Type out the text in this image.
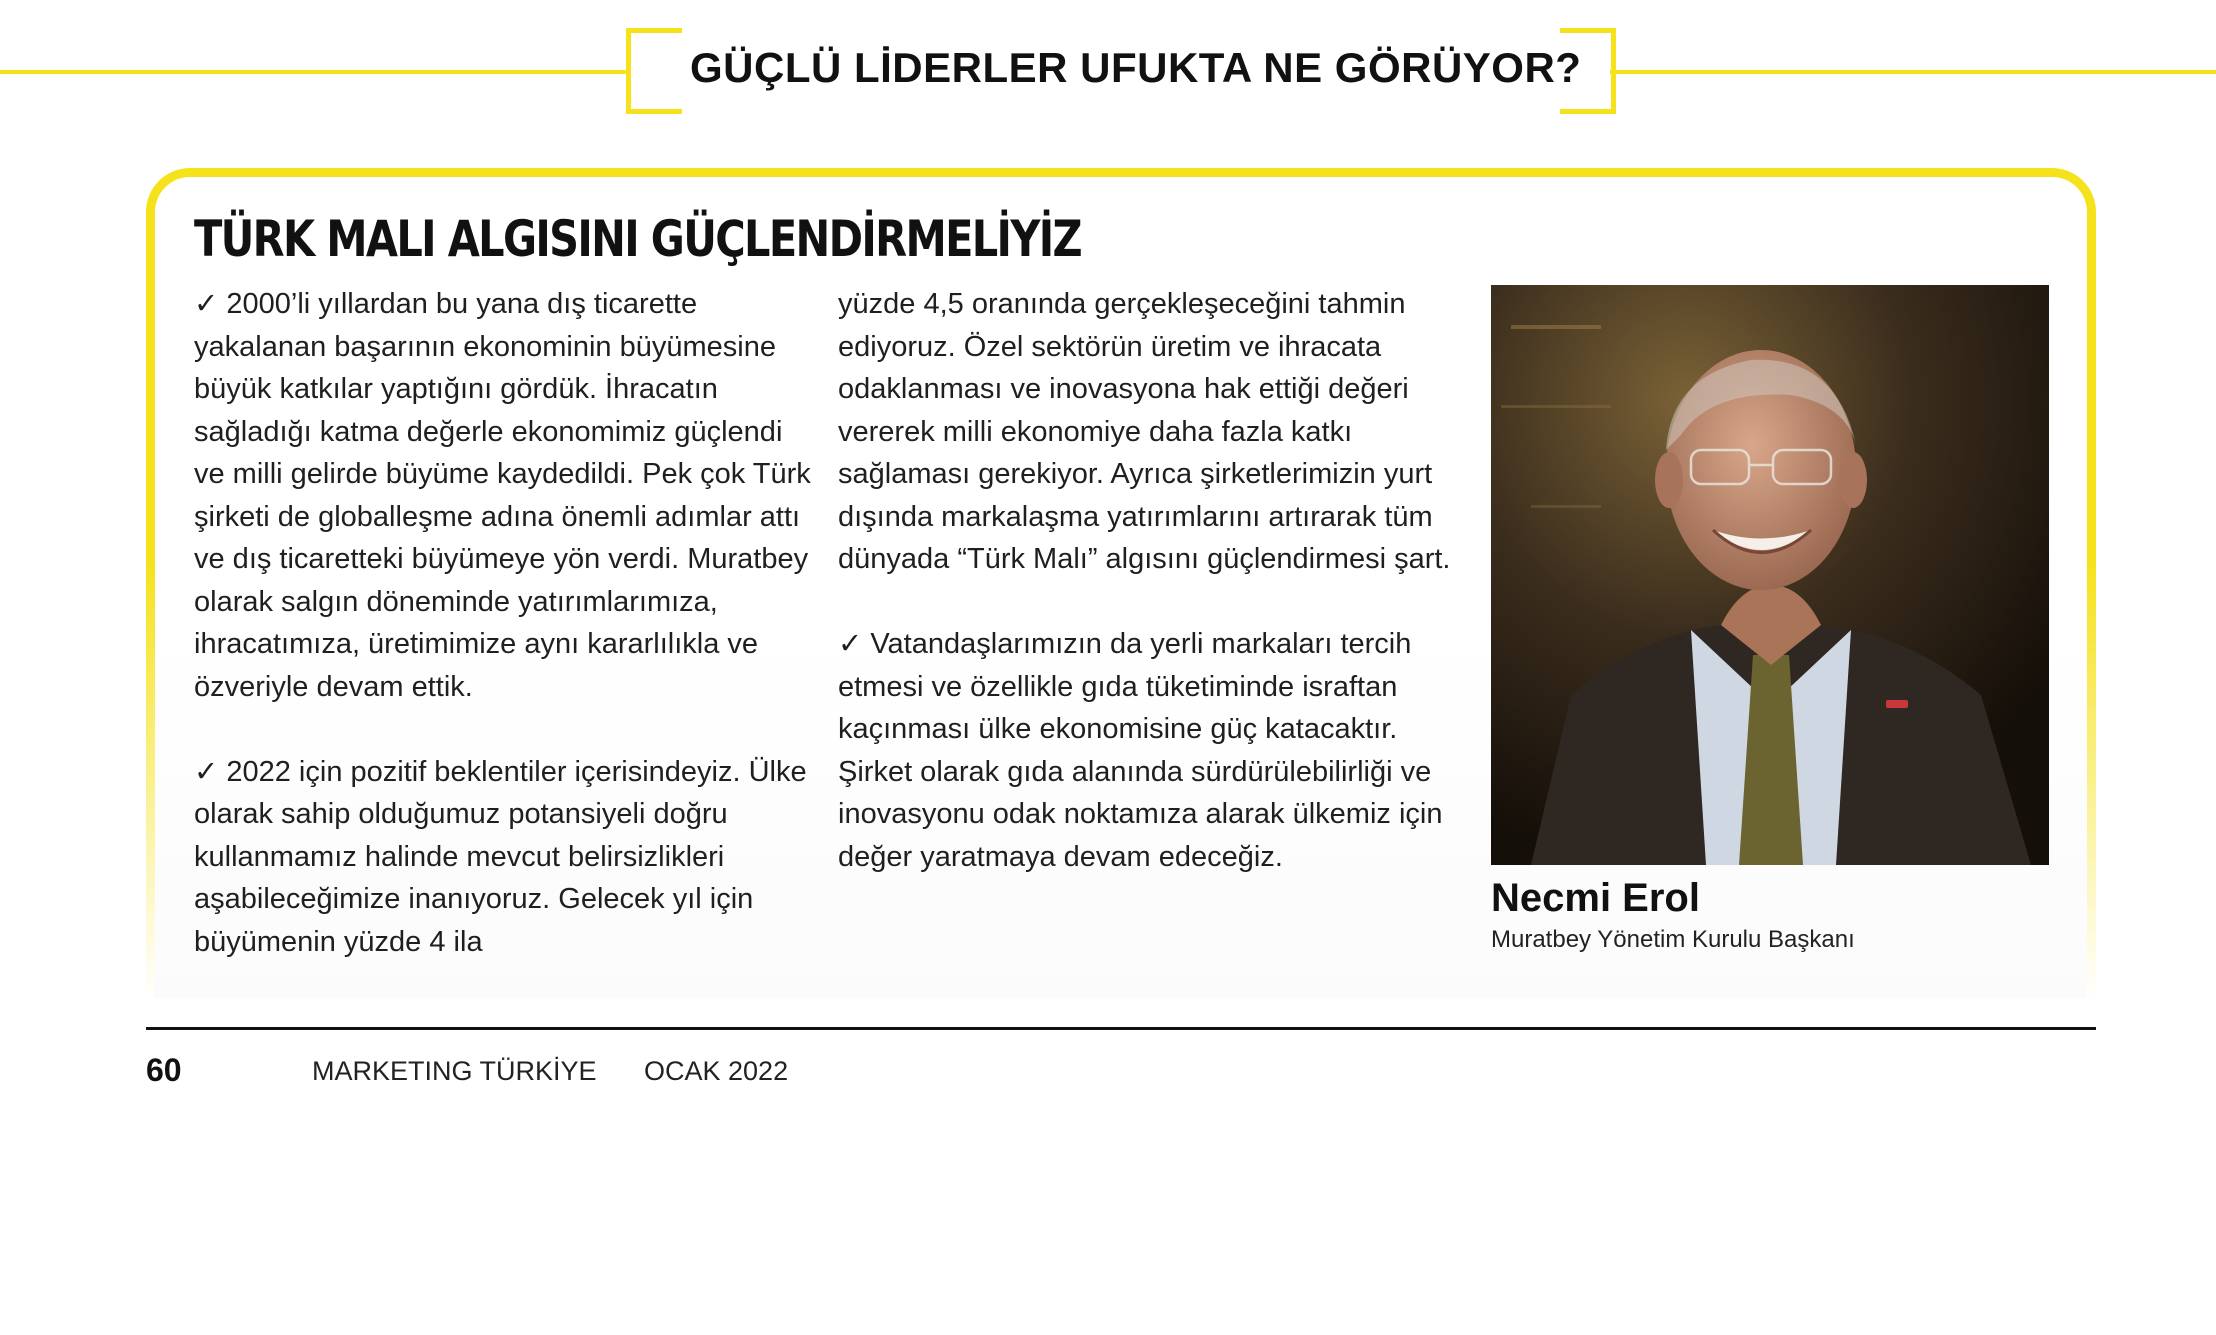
GÜÇLÜ LİDERLER UFUKTA NE GÖRÜYOR?
TÜRK MALI ALGISINI GÜÇLENDİRMELİYİZ

✓ 2000’li yıllardan bu yana dış ticarette yakalanan başarının ekonominin büyümesine büyük katkılar yaptığını gördük. İhracatın sağladığı katma değerle ekonomimiz güçlendi ve milli gelirde büyüme kaydedildi. Pek çok Türk şirketi de globalleşme adına önemli adımlar attı ve dış ticaretteki büyümeye yön verdi. Muratbey olarak salgın döneminde yatırımlarımıza, ihracatımıza, üretimimize aynı kararlılıkla ve özveriyle devam ettik.

✓ 2022 için pozitif beklentiler içerisindeyiz. Ülke olarak sahip olduğumuz potansiyeli doğru kullanmamız halinde mevcut belirsizlikleri aşabileceğimize inanıyoruz. Gelecek yıl için büyümenin yüzde 4 ila

yüzde 4,5 oranında gerçekleşeceğini tahmin ediyoruz. Özel sektörün üretim ve ihracata odaklanması ve inovasyona hak ettiği değeri vererek milli ekonomiye daha fazla katkı sağlaması gerekiyor. Ayrıca şirketlerimizin yurt dışında markalaşma yatırımlarını artırarak tüm dünyada “Türk Malı” algısını güçlendirmesi şart.

✓ Vatandaşlarımızın da yerli markaları tercih etmesi ve özellikle gıda tüketiminde israftan kaçınması ülke ekonomisine güç katacaktır. Şirket olarak gıda alanında sürdürülebilirliği ve inovasyonu odak noktamıza alarak ülkemiz için değer yaratmaya devam edeceğiz.

Necmi Erol
Muratbey Yönetim Kurulu Başkanı
60	MARKETING TÜRKİYE OCAK 2022
